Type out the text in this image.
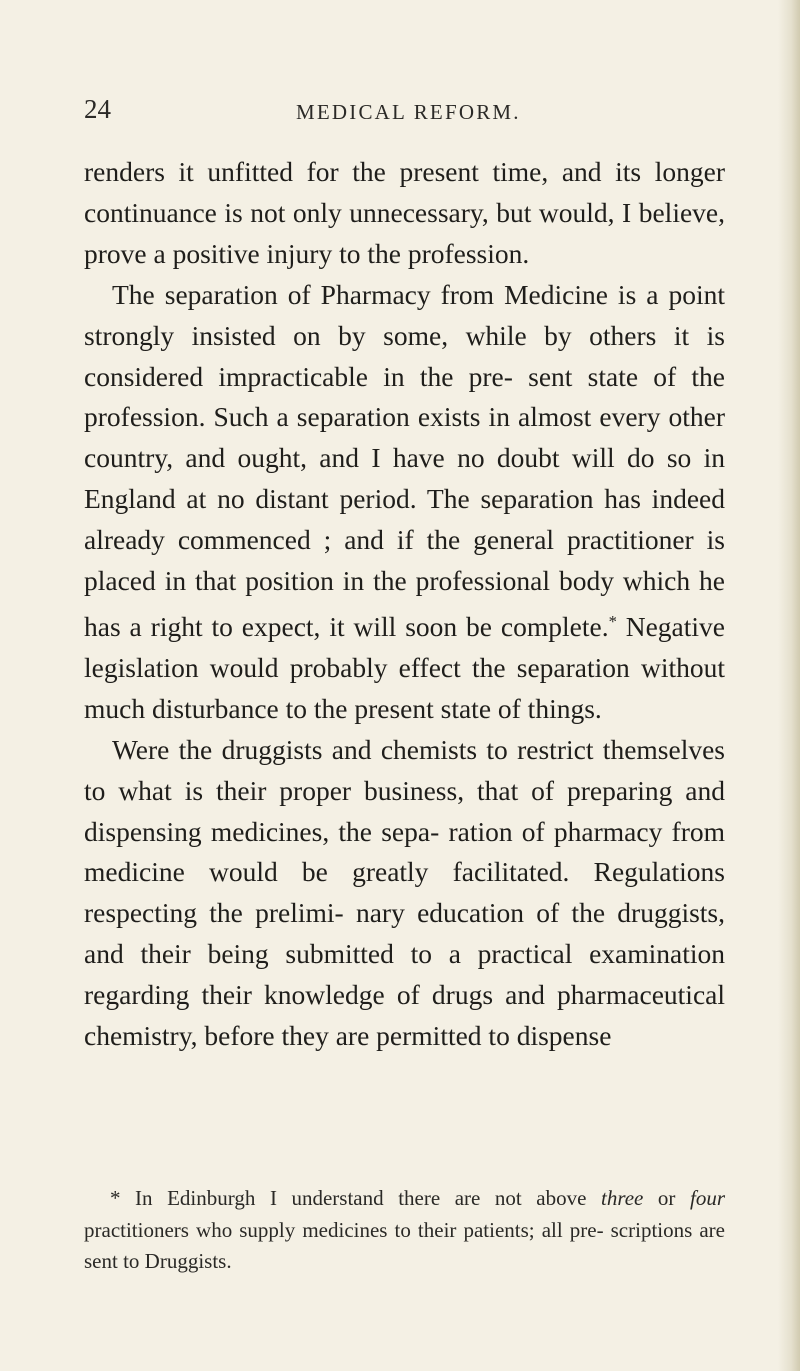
24	MEDICAL REFORM.

renders it unfitted for the present time, and its longer continuance is not only unnecessary, but would, I believe, prove a positive injury to the profession.

The separation of Pharmacy from Medicine is a point strongly insisted on by some, while by others it is considered impracticable in the pre- sent state of the profession. Such a separation exists in almost every other country, and ought, and I have no doubt will do so in England at no distant period. The separation has indeed already commenced ; and if the general practitioner is placed in that position in the professional body which he has a right to expect, it will soon be complete.* Negative legislation would probably effect the separation without much disturbance to the present state of things.

Were the druggists and chemists to restrict themselves to what is their proper business, that of preparing and dispensing medicines, the sepa- ration of pharmacy from medicine would be greatly facilitated. Regulations respecting the prelimi- nary education of the druggists, and their being submitted to a practical examination regarding their knowledge of drugs and pharmaceutical chemistry, before they are permitted to dispense

* In Edinburgh I understand there are not above three or four practitioners who supply medicines to their patients; all pre- scriptions are sent to Druggists.
